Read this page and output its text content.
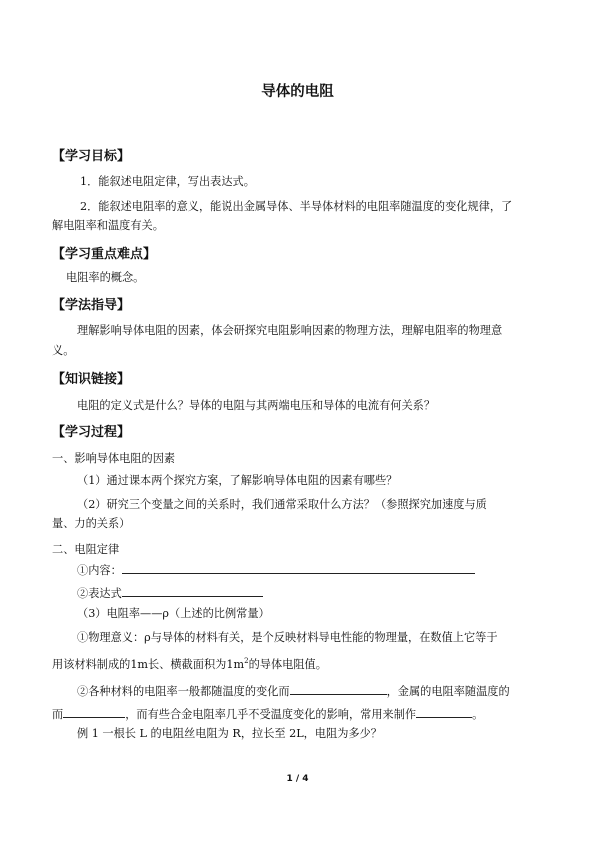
导体的电阻
【学习目标】
1．能叙述电阻定律，写出表达式。
2．能叙述电阻率的意义，能说出金属导体、半导体材料的电阻率随温度的变化规律，了
解电阻率和温度有关。
【学习重点难点】
电阻率的概念。
【学法指导】
理解影响导体电阻的因素，体会研探究电阻影响因素的物理方法，理解电阻率的物理意
义。
【知识链接】
电阻的定义式是什么？导体的电阻与其两端电压和导体的电流有何关系？
【学习过程】
一、影响导体电阻的因素
（1）通过课本两个探究方案，了解影响导体电阻的因素有哪些？
（2）研究三个变量之间的关系时，我们通常采取什么方法？（参照探究加速度与质
量、力的关系）
二、电阻定律
①内容：
②表达式
（3）电阻率——ρ（上述的比例常量）
①物理意义：ρ与导体的材料有关，是个反映材料导电性能的物理量，在数值上它等于
用该材料制成的1m长、横截面积为$1m^2$的导体电阻值。
②各种材料的电阻率一般都随温度的变化而	，金属的电阻率随温度的
而	，而有些合金电阻率几乎不受温度变化的影响，常用来制作	。
例 1 一根长 L 的电阻丝电阻为 R，拉长至 2L，电阻为多少？
1 / 4
